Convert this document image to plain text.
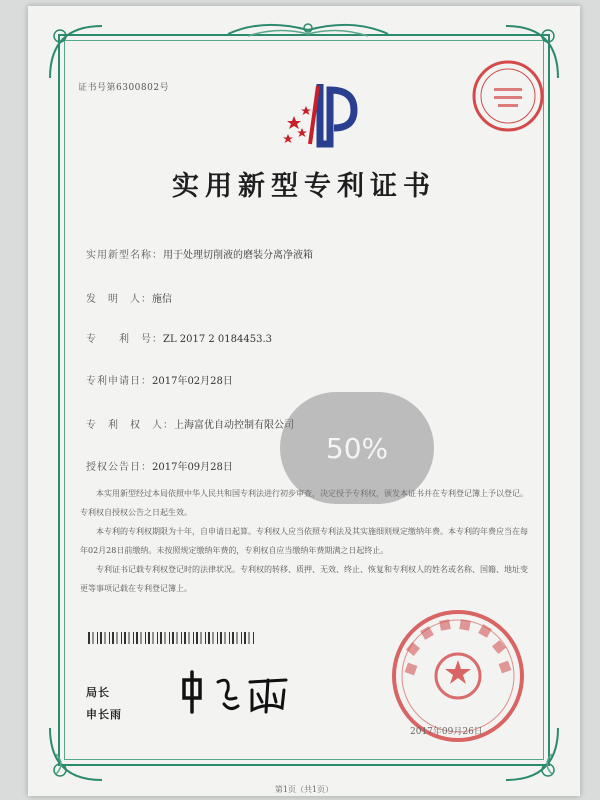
证书号第6300802号
实用新型专利证书
实用新型名称：用于处理切削液的磨装分离净液箱
发　明　人：施信
专　　利　号：ZL 2017 2 0184453.3
专利申请日：2017年02月28日
专　利　权　人：上海富优自动控制有限公司
授权公告日：2017年09月28日

本实用新型经过本局依照中华人民共和国专利法进行初步审查，决定授予专利权，颁发本证书并在专利登记簿上予以登记。专利权自授权公告之日起生效。

本专利的专利权期限为十年，自申请日起算。专利权人应当依照专利法及其实施细则规定缴纳年费。本专利的年费应当在每年02月28日前缴纳。未按照规定缴纳年费的，专利权自应当缴纳年费期满之日起终止。

专利证书记载专利权登记时的法律状况。专利权的转移、质押、无效、终止、恢复和专利权人的姓名或名称、国籍、地址变更等事项记载在专利登记簿上。

局长
申长雨
2017年09月26日
第1页（共1页）
50%
